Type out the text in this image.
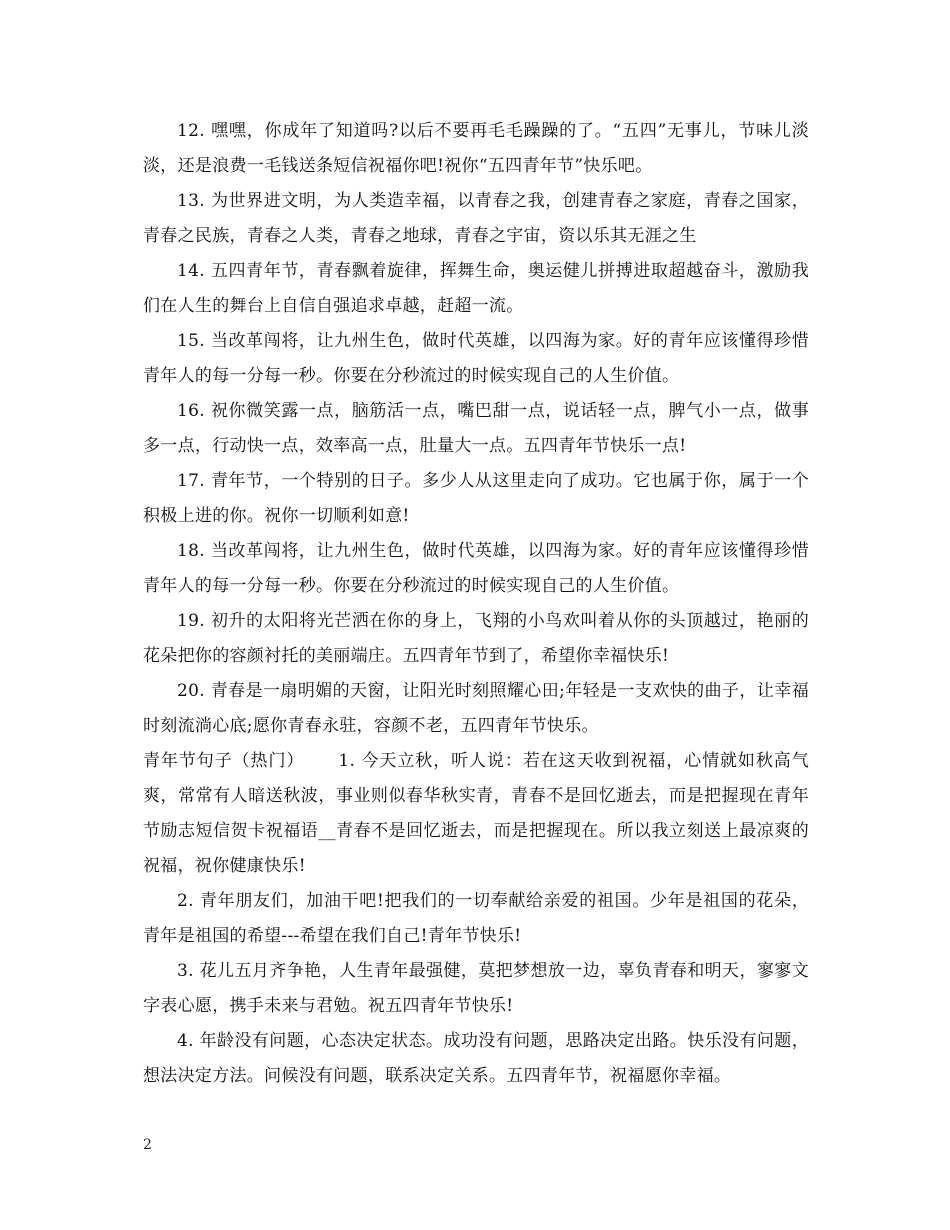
12. 嘿嘿，你成年了知道吗?以后不要再毛毛躁躁的了。“五四”无事儿，节味儿淡淡，还是浪费一毛钱送条短信祝福你吧!祝你“五四青年节”快乐吧。

13. 为世界进文明，为人类造幸福，以青春之我，创建青春之家庭，青春之国家，青春之民族，青春之人类，青春之地球，青春之宇宙，资以乐其无涯之生

14. 五四青年节，青春飘着旋律，挥舞生命，奥运健儿拼搏进取超越奋斗，激励我们在人生的舞台上自信自强追求卓越，赶超一流。

15. 当改革闯将，让九州生色，做时代英雄，以四海为家。好的青年应该懂得珍惜青年人的每一分每一秒。你要在分秒流过的时候实现自己的人生价值。

16. 祝你微笑露一点，脑筋活一点，嘴巴甜一点，说话轻一点，脾气小一点，做事多一点，行动快一点，效率高一点，肚量大一点。五四青年节快乐一点!

17. 青年节，一个特别的日子。多少人从这里走向了成功。它也属于你，属于一个积极上进的你。祝你一切顺利如意!

18. 当改革闯将，让九州生色，做时代英雄，以四海为家。好的青年应该懂得珍惜青年人的每一分每一秒。你要在分秒流过的时候实现自己的人生价值。

19. 初升的太阳将光芒洒在你的身上，飞翔的小鸟欢叫着从你的头顶越过，艳丽的花朵把你的容颜衬托的美丽端庄。五四青年节到了，希望你幸福快乐!

20. 青春是一扇明媚的天窗，让阳光时刻照耀心田;年轻是一支欢快的曲子，让幸福时刻流淌心底;愿你青春永驻，容颜不老，五四青年节快乐。

青年节句子（热门） 1. 今天立秋，听人说：若在这天收到祝福，心情就如秋高气爽，常常有人暗送秋波，事业则似春华秋实青，青春不是回忆逝去，而是把握现在青年节励志短信贺卡祝福语__青春不是回忆逝去，而是把握现在。所以我立刻送上最凉爽的祝福，祝你健康快乐!

2. 青年朋友们，加油干吧!把我们的一切奉献给亲爱的祖国。少年是祖国的花朵，青年是祖国的希望---希望在我们自己!青年节快乐!

3. 花儿五月齐争艳，人生青年最强健，莫把梦想放一边，辜负青春和明天，寥寥文字表心愿，携手未来与君勉。祝五四青年节快乐!

4. 年龄没有问题，心态决定状态。成功没有问题，思路决定出路。快乐没有问题，想法决定方法。问候没有问题，联系决定关系。五四青年节，祝福愿你幸福。

2
